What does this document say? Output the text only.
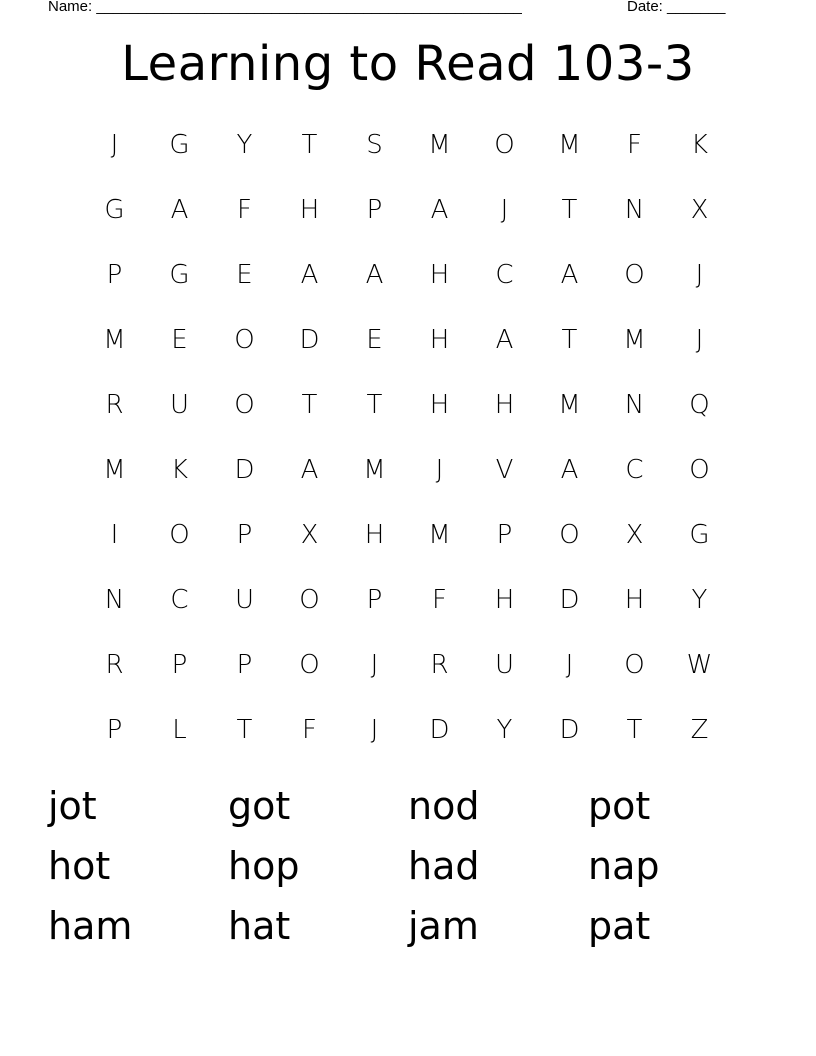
Name: ___________________________________________________	Date: _______
Learning to Read 103-3
J	G	Y	T	S	M	O	M	F	K
G	A	F	H	P	A	J	T	N	X
P	G	E	A	A	H	C	A	O	J
M	E	O	D	E	H	A	T	M	J
R	U	O	T	T	H	H	M	N	Q
M	K	D	A	M	J	V	A	C	O
I	O	P	X	H	M	P	O	X	G
N	C	U	O	P	F	H	D	H	Y
R	P	P	O	J	R	U	J	O	W
P	L	T	F	J	D	Y	D	T	Z
jot	got	nod	pot
hot	hop	had	nap
ham	hat	jam	pat
